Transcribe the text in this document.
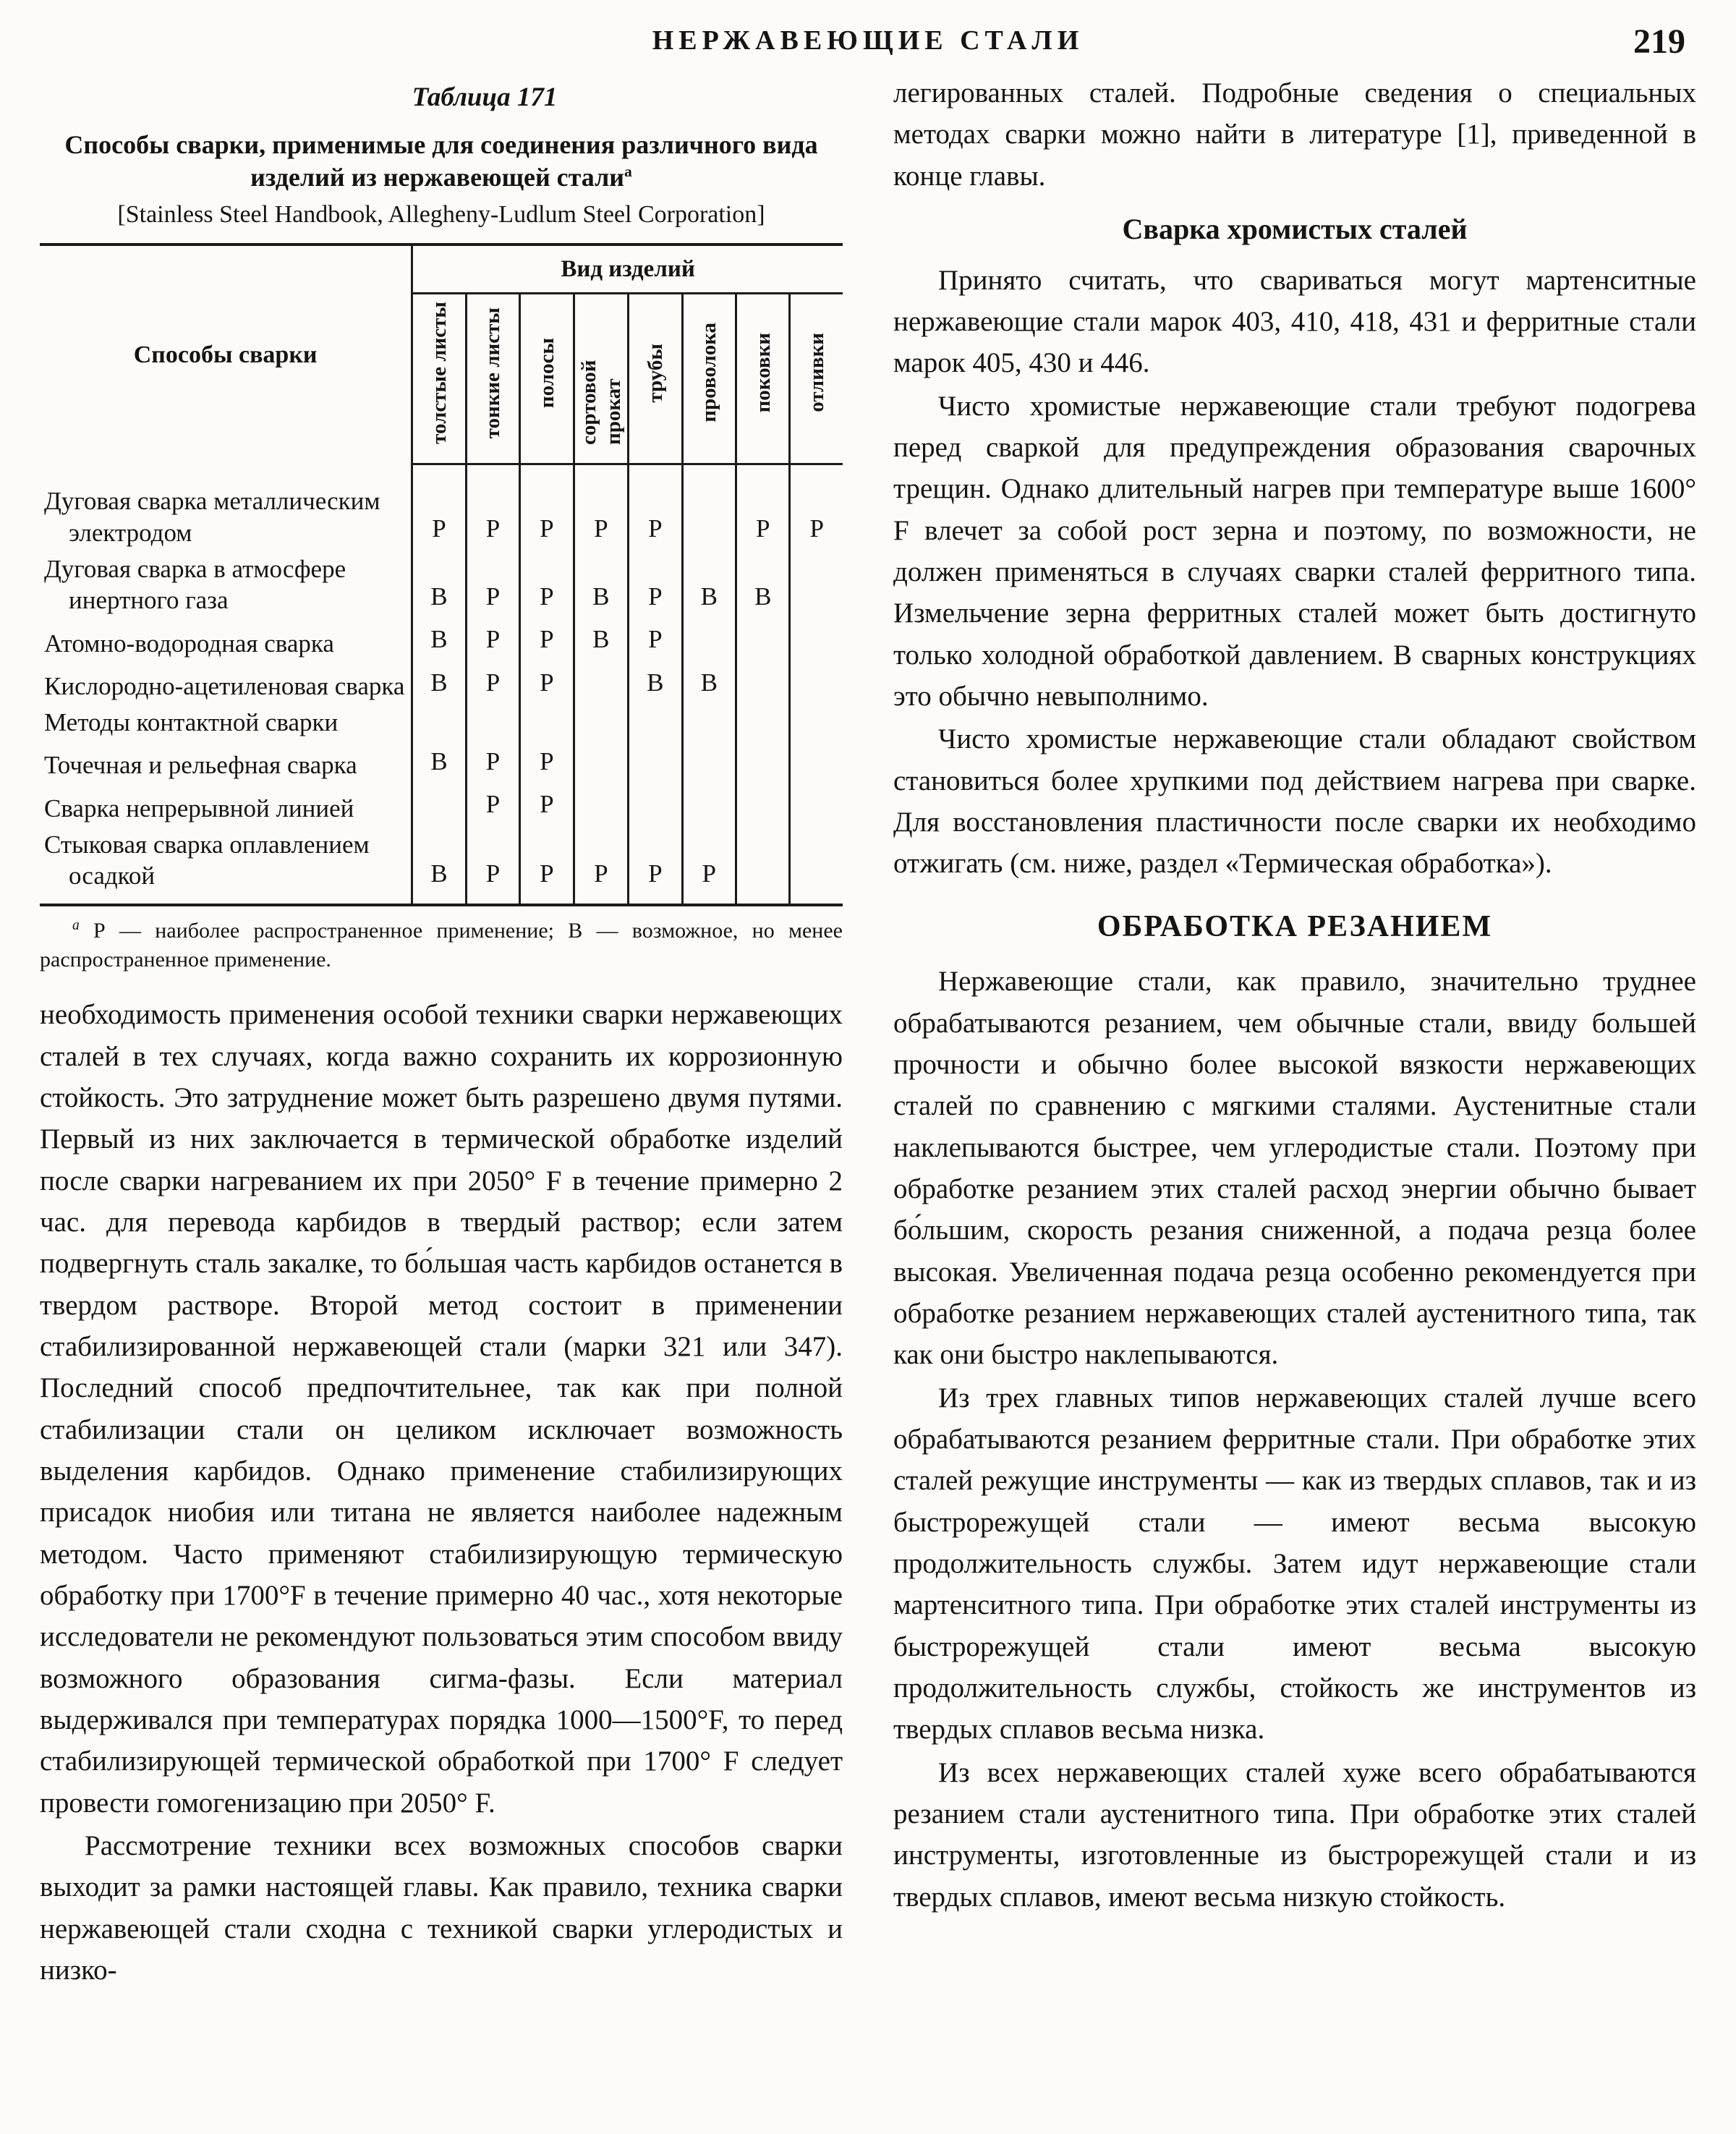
НЕРЖАВЕЮЩИЕ СТАЛИ	219
Таблица 171
Способы сварки, применимые для соединения различного вида изделий из нержавеющей стали$^а$
[Stainless Steel Handbook, Allegheny-Ludlum Steel Corporation]
Способы сварки	Вид изделий							
	толстые листы	тонкие листы	полосы	сортовой прокат	трубы	проволока	поковки	отливки
Дуговая сварка металлическим электродом	Р	Р	Р	Р	Р		Р	Р
Дуговая сварка в атмосфере инертного газа	В	Р	Р	В	Р	В	В	
Атомно-водородная сварка	В	Р	Р	В	Р			
Кислородно-ацетиленовая сварка	В	Р	Р		В	В		
Методы контактной сварки								
Точечная и рельефная сварка	В	Р	Р					
Сварка непрерывной линией		Р	Р					
Стыковая сварка оплавлением осадкой	В	Р	Р	Р	Р	Р		
$^а$ Р — наиболее распространенное применение; В — возможное, но менее распространенное применение.

необходимость применения особой техники сварки нержавеющих сталей в тех случаях, когда важно сохранить их коррозионную стойкость. Это затруднение может быть разрешено двумя путями. Первый из них заключается в термической обработке изделий после сварки нагреванием их при 2050° F в течение примерно 2 час. для перевода карбидов в твердый раствор; если затем подвергнуть сталь закалке, то бо́льшая часть карбидов останется в твердом растворе. Второй метод состоит в применении стабилизированной нержавеющей стали (марки 321 или 347). Последний способ предпочтительнее, так как при полной стабилизации стали он целиком исключает возможность выделения карбидов. Однако применение стабилизирующих присадок ниобия или титана не является наиболее надежным методом. Часто применяют стабилизирующую термическую обработку при 1700°F в течение примерно 40 час., хотя некоторые исследователи не рекомендуют пользоваться этим способом ввиду возможного образования сигма-фазы. Если материал выдерживался при температурах порядка 1000—1500°F, то перед стабилизирующей термической обработкой при 1700° F следует провести гомогенизацию при 2050° F.

Рассмотрение техники всех возможных способов сварки выходит за рамки настоящей главы. Как правило, техника сварки нержавеющей стали сходна с техникой сварки углеродистых и низко-

легированных сталей. Подробные сведения о специальных методах сварки можно найти в литературе [1], приведенной в конце главы.

Сварка хромистых сталей

Принято считать, что свариваться могут мартенситные нержавеющие стали марок 403, 410, 418, 431 и ферритные стали марок 405, 430 и 446.

Чисто хромистые нержавеющие стали требуют подогрева перед сваркой для предупреждения образования сварочных трещин. Однако длительный нагрев при температуре выше 1600° F влечет за собой рост зерна и поэтому, по возможности, не должен применяться в случаях сварки сталей ферритного типа. Измельчение зерна ферритных сталей может быть достигнуто только холодной обработкой давлением. В сварных конструкциях это обычно невыполнимо.

Чисто хромистые нержавеющие стали обладают свойством становиться более хрупкими под действием нагрева при сварке. Для восстановления пластичности после сварки их необходимо отжигать (см. ниже, раздел «Термическая обработка»).

ОБРАБОТКА РЕЗАНИЕМ

Нержавеющие стали, как правило, значительно труднее обрабатываются резанием, чем обычные стали, ввиду большей прочности и обычно более высокой вязкости нержавеющих сталей по сравнению с мягкими сталями. Аустенитные стали наклепываются быстрее, чем углеродистые стали. Поэтому при обработке резанием этих сталей расход энергии обычно бывает бо́льшим, скорость резания сниженной, а подача резца более высокая. Увеличенная подача резца особенно рекомендуется при обработке резанием нержавеющих сталей аустенитного типа, так как они быстро наклепываются.

Из трех главных типов нержавеющих сталей лучше всего обрабатываются резанием ферритные стали. При обработке этих сталей режущие инструменты — как из твердых сплавов, так и из быстрорежущей стали — имеют весьма высокую продолжительность службы. Затем идут нержавеющие стали мартенситного типа. При обработке этих сталей инструменты из быстрорежущей стали имеют весьма высокую продолжительность службы, стойкость же инструментов из твердых сплавов весьма низка.

Из всех нержавеющих сталей хуже всего обрабатываются резанием стали аустенитного типа. При обработке этих сталей инструменты, изготовленные из быстрорежущей стали и из твердых сплавов, имеют весьма низкую стойкость.
